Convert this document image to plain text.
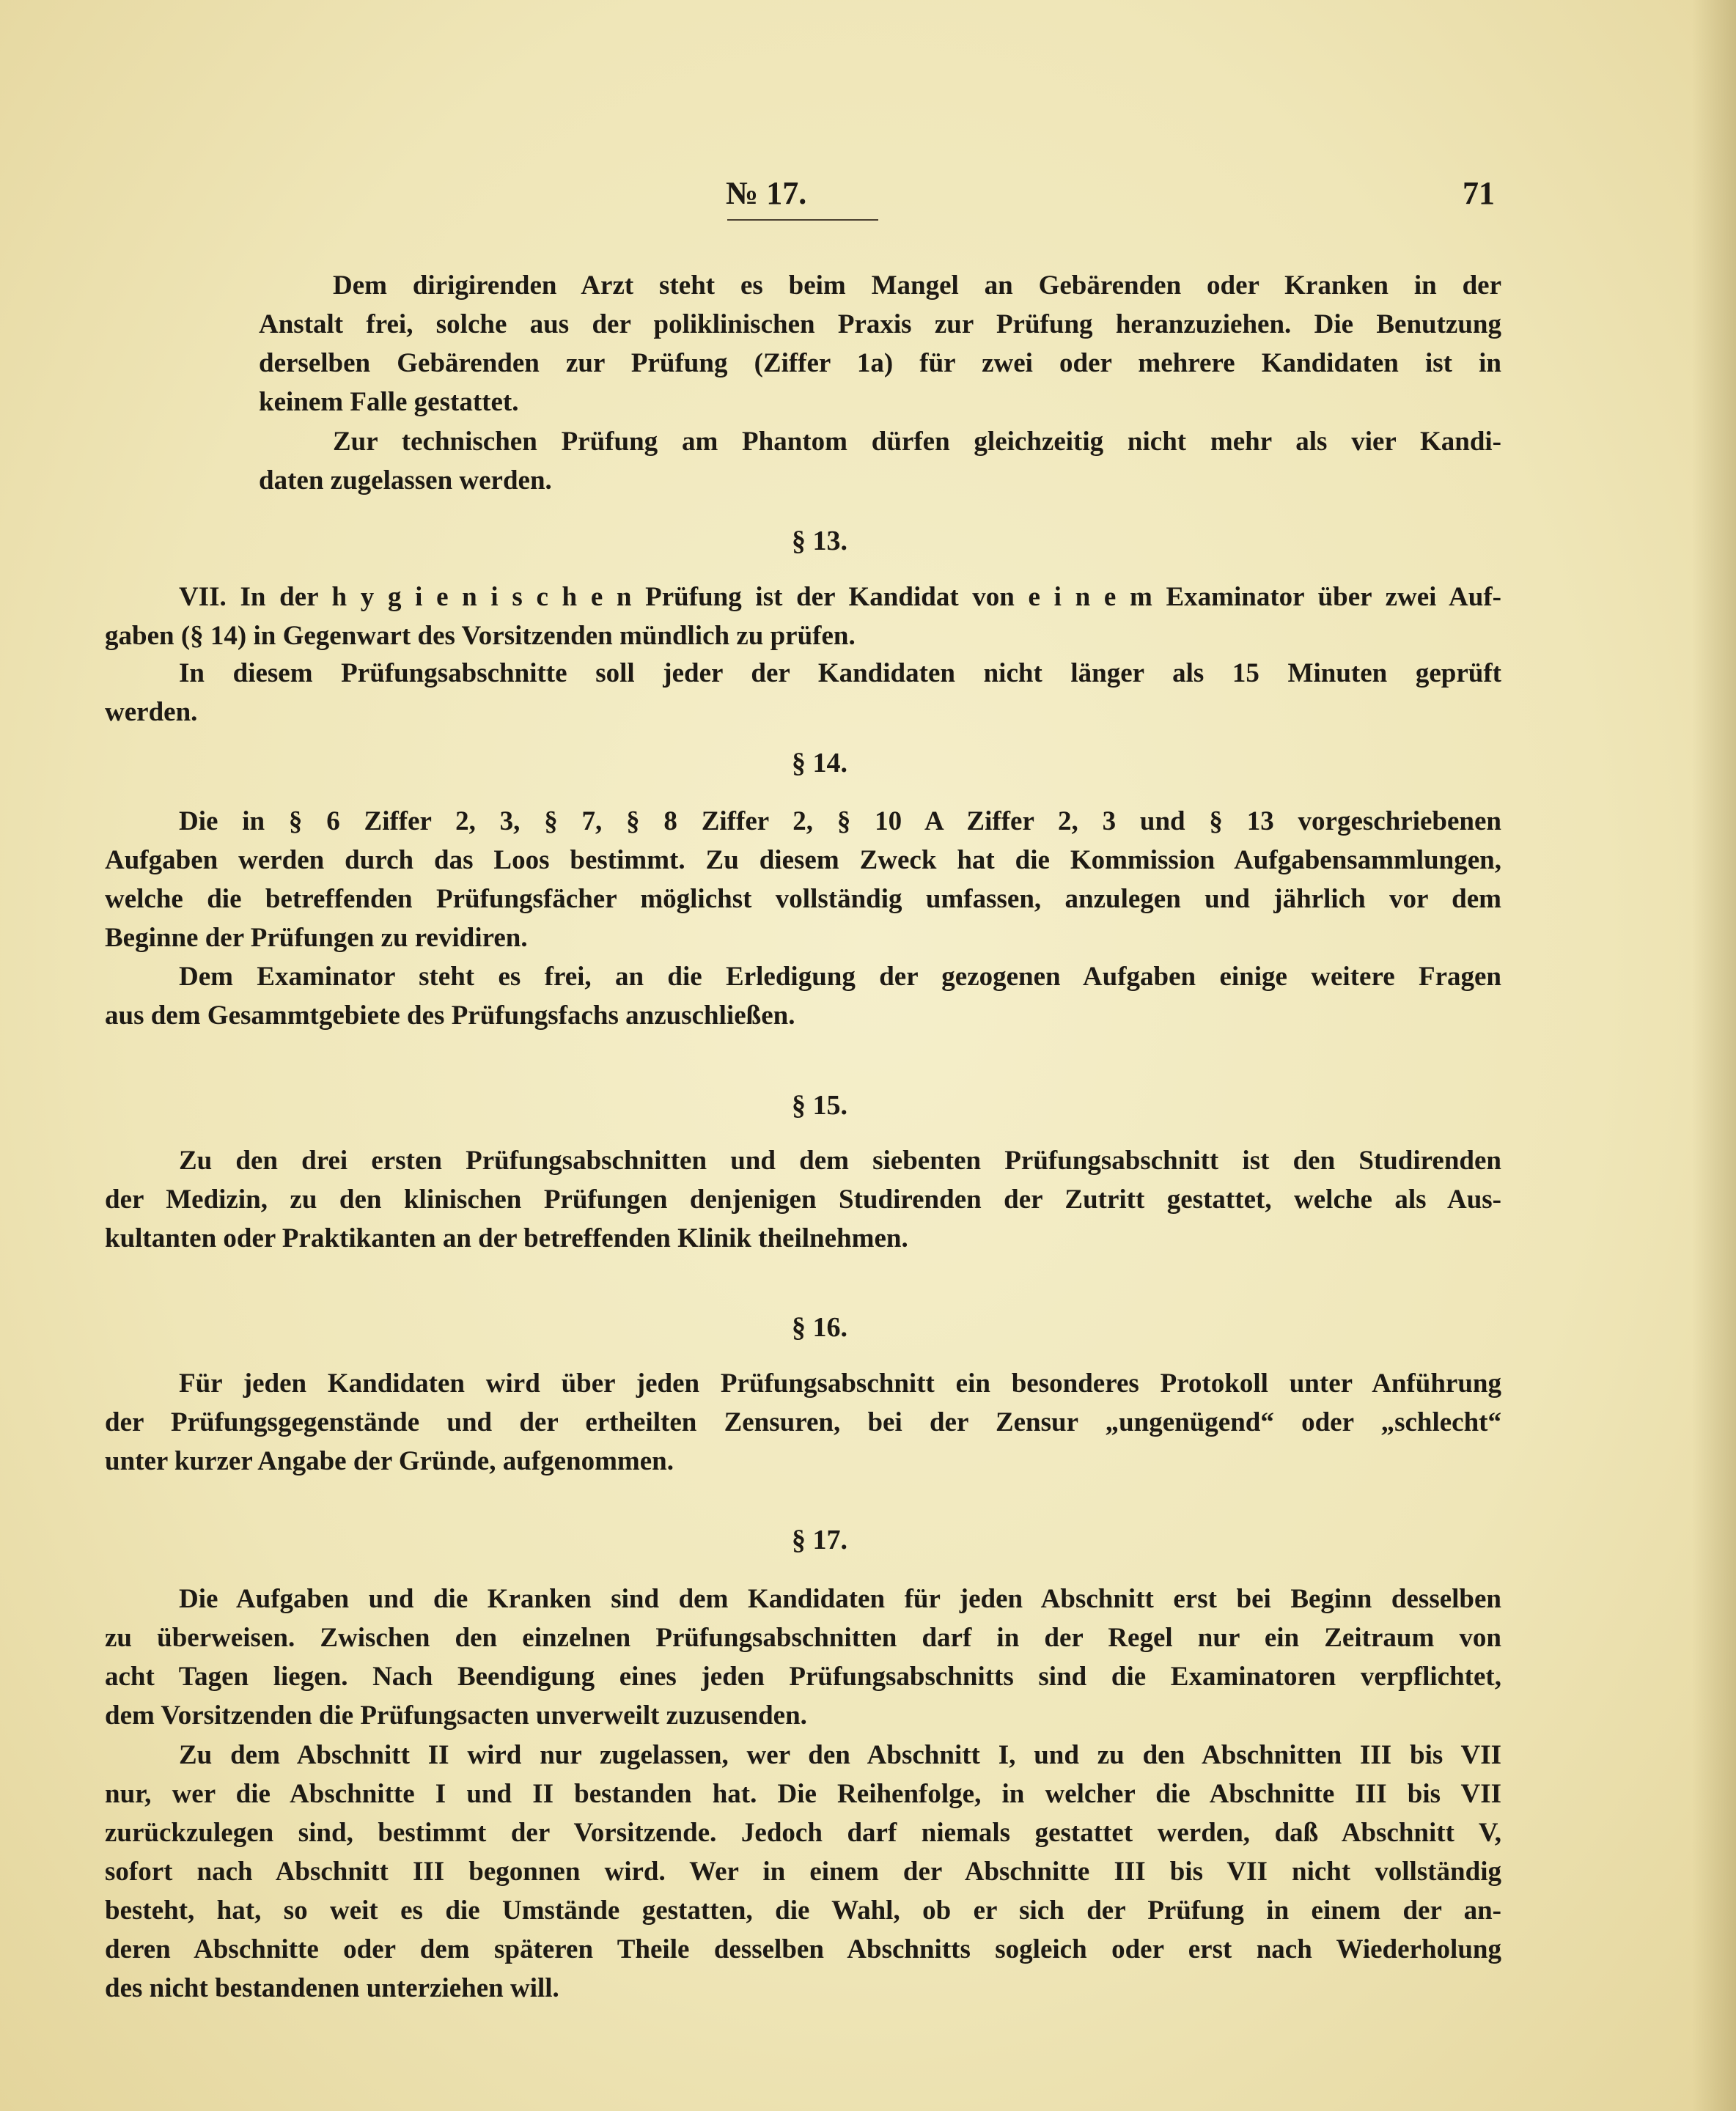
№ 17.	71
Dem dirigirenden Arzt steht es beim Mangel an Gebärenden oder Kranken in der
Anstalt frei, solche aus der poliklinischen Praxis zur Prüfung heranzuziehen. Die Benutzung
derselben Gebärenden zur Prüfung (Ziffer 1a) für zwei oder mehrere Kandidaten ist in
keinem Falle gestattet.
Zur technischen Prüfung am Phantom dürfen gleichzeitig nicht mehr als vier Kandi-
daten zugelassen werden.
§ 13.
VII. In der h y g i e n i s c h e n Prüfung ist der Kandidat von e i n e m Examinator über zwei Auf-
gaben (§ 14) in Gegenwart des Vorsitzenden mündlich zu prüfen.
In diesem Prüfungsabschnitte soll jeder der Kandidaten nicht länger als 15 Minuten geprüft
werden.
§ 14.
Die in § 6 Ziffer 2, 3, § 7, § 8 Ziffer 2, § 10 A Ziffer 2, 3 und § 13 vorgeschriebenen
Aufgaben werden durch das Loos bestimmt. Zu diesem Zweck hat die Kommission Aufgabensammlungen,
welche die betreffenden Prüfungsfächer möglichst vollständig umfassen, anzulegen und jährlich vor dem
Beginne der Prüfungen zu revidiren.
Dem Examinator steht es frei, an die Erledigung der gezogenen Aufgaben einige weitere Fragen
aus dem Gesammtgebiete des Prüfungsfachs anzuschließen.
§ 15.
Zu den drei ersten Prüfungsabschnitten und dem siebenten Prüfungsabschnitt ist den Studirenden
der Medizin, zu den klinischen Prüfungen denjenigen Studirenden der Zutritt gestattet, welche als Aus-
kultanten oder Praktikanten an der betreffenden Klinik theilnehmen.
§ 16.
Für jeden Kandidaten wird über jeden Prüfungsabschnitt ein besonderes Protokoll unter Anführung
der Prüfungsgegenstände und der ertheilten Zensuren, bei der Zensur „ungenügend“ oder „schlecht“
unter kurzer Angabe der Gründe, aufgenommen.
§ 17.
Die Aufgaben und die Kranken sind dem Kandidaten für jeden Abschnitt erst bei Beginn desselben
zu überweisen. Zwischen den einzelnen Prüfungsabschnitten darf in der Regel nur ein Zeitraum von
acht Tagen liegen. Nach Beendigung eines jeden Prüfungsabschnitts sind die Examinatoren verpflichtet,
dem Vorsitzenden die Prüfungsacten unverweilt zuzusenden.
Zu dem Abschnitt II wird nur zugelassen, wer den Abschnitt I, und zu den Abschnitten III bis VII
nur, wer die Abschnitte I und II bestanden hat. Die Reihenfolge, in welcher die Abschnitte III bis VII
zurückzulegen sind, bestimmt der Vorsitzende. Jedoch darf niemals gestattet werden, daß Abschnitt V,
sofort nach Abschnitt III begonnen wird. Wer in einem der Abschnitte III bis VII nicht vollständig
besteht, hat, so weit es die Umstände gestatten, die Wahl, ob er sich der Prüfung in einem der an-
deren Abschnitte oder dem späteren Theile desselben Abschnitts sogleich oder erst nach Wiederholung
des nicht bestandenen unterziehen will.
